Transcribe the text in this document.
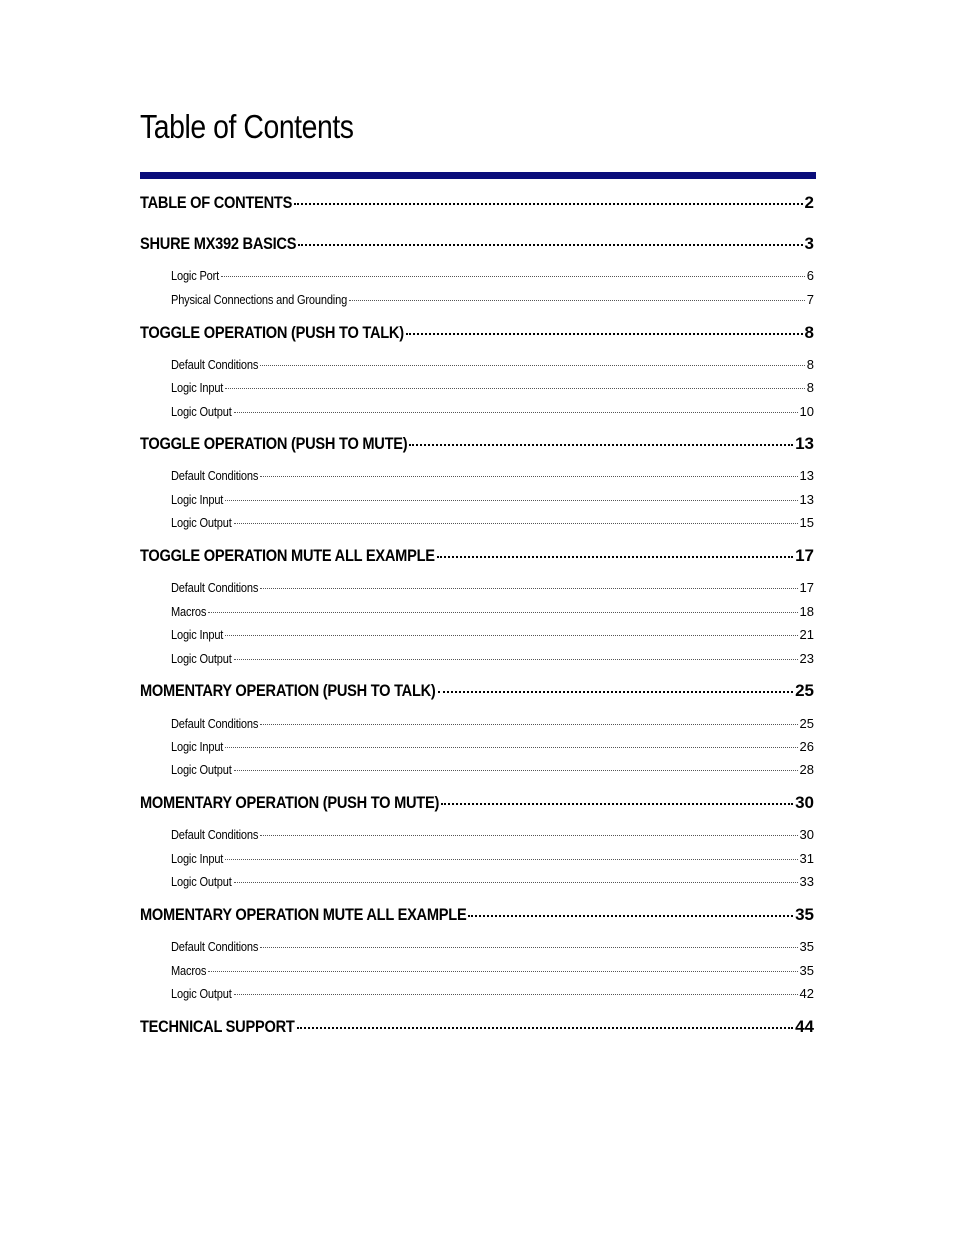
Table of Contents
TABLE OF CONTENTS	2
SHURE MX392 BASICS	3
Logic Port	6
Physical Connections and Grounding	7
TOGGLE OPERATION (PUSH TO TALK)	8
Default Conditions	8
Logic Input	8
Logic Output	10
TOGGLE OPERATION (PUSH TO MUTE)	13
Default Conditions	13
Logic Input	13
Logic Output	15
TOGGLE OPERATION MUTE ALL EXAMPLE	17
Default Conditions	17
Macros	18
Logic Input	21
Logic Output	23
MOMENTARY OPERATION (PUSH TO TALK)	25
Default Conditions	25
Logic Input	26
Logic Output	28
MOMENTARY OPERATION (PUSH TO MUTE)	30
Default Conditions	30
Logic Input	31
Logic Output	33
MOMENTARY OPERATION MUTE ALL EXAMPLE	35
Default Conditions	35
Macros	35
Logic Output	42
TECHNICAL SUPPORT	44
